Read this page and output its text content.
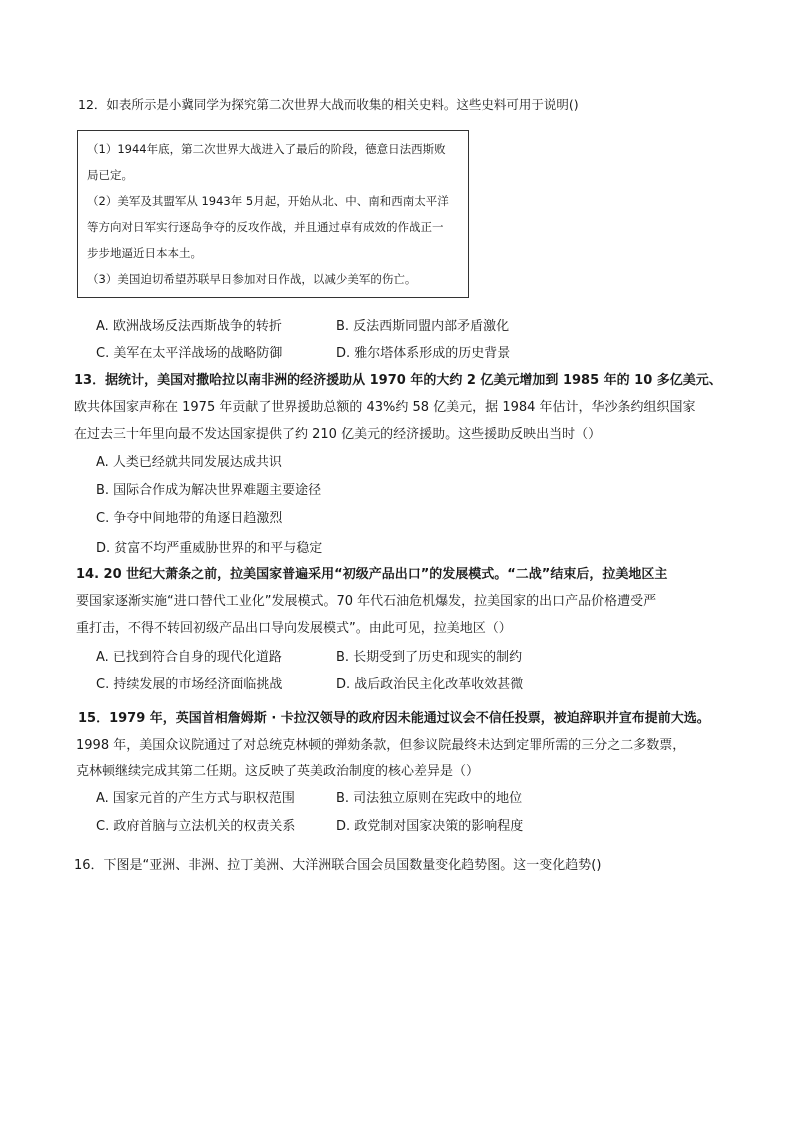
12．如表所示是小冀同学为探究第二次世界大战而收集的相关史料。这些史料可用于说明()
（1）1944年底，第二次世界大战进入了最后的阶段，德意日法西斯败
局已定。
（2）美军及其盟军从 1943年 5月起，开始从北、中、南和西南太平洋
等方向对日军实行逐岛争夺的反攻作战，并且通过卓有成效的作战正一
步步地逼近日本本土。
（3）美国迫切希望苏联早日参加对日作战，以减少美军的伤亡。
A. 欧洲战场反法西斯战争的转折	B. 反法西斯同盟内部矛盾激化
C. 美军在太平洋战场的战略防御	D. 雅尔塔体系形成的历史背景
13．据统计，美国对撒哈拉以南非洲的经济援助从 1970 年的大约 2 亿美元增加到 1985 年的 10 多亿美元、
欧共体国家声称在 1975 年贡献了世界援助总额的 43%约 58 亿美元，据 1984 年估计，华沙条约组织国家
在过去三十年里向最不发达国家提供了约 210 亿美元的经济援助。这些援助反映出当时（）
A. 人类已经就共同发展达成共识
B. 国际合作成为解决世界难题主要途径
C. 争夺中间地带的角逐日趋激烈
D. 贫富不均严重威胁世界的和平与稳定
14. 20 世纪大萧条之前，拉美国家普遍采用“初级产品出口”的发展模式。“二战”结束后，拉美地区主
要国家逐渐实施“进口替代工业化”发展模式。70 年代石油危机爆发，拉美国家的出口产品价格遭受严
重打击，不得不转回初级产品出口导向发展模式”。由此可见，拉美地区（）
A. 已找到符合自身的现代化道路	B. 长期受到了历史和现实的制约
C. 持续发展的市场经济面临挑战	D. 战后政治民主化改革收效甚微
15．1979 年，英国首相詹姆斯 · 卡拉汉领导的政府因未能通过议会不信任投票，被迫辞职并宣布提前大选。
1998 年，美国众议院通过了对总统克林顿的弹劾条款，但参议院最终未达到定罪所需的三分之二多数票，
克林顿继续完成其第二任期。这反映了英美政治制度的核心差异是（）
A. 国家元首的产生方式与职权范围	B. 司法独立原则在宪政中的地位
C. 政府首脑与立法机关的权责关系	D. 政党制对国家决策的影响程度
16．下图是“亚洲、非洲、拉丁美洲、大洋洲联合国会员国数量变化趋势图。这一变化趋势()
